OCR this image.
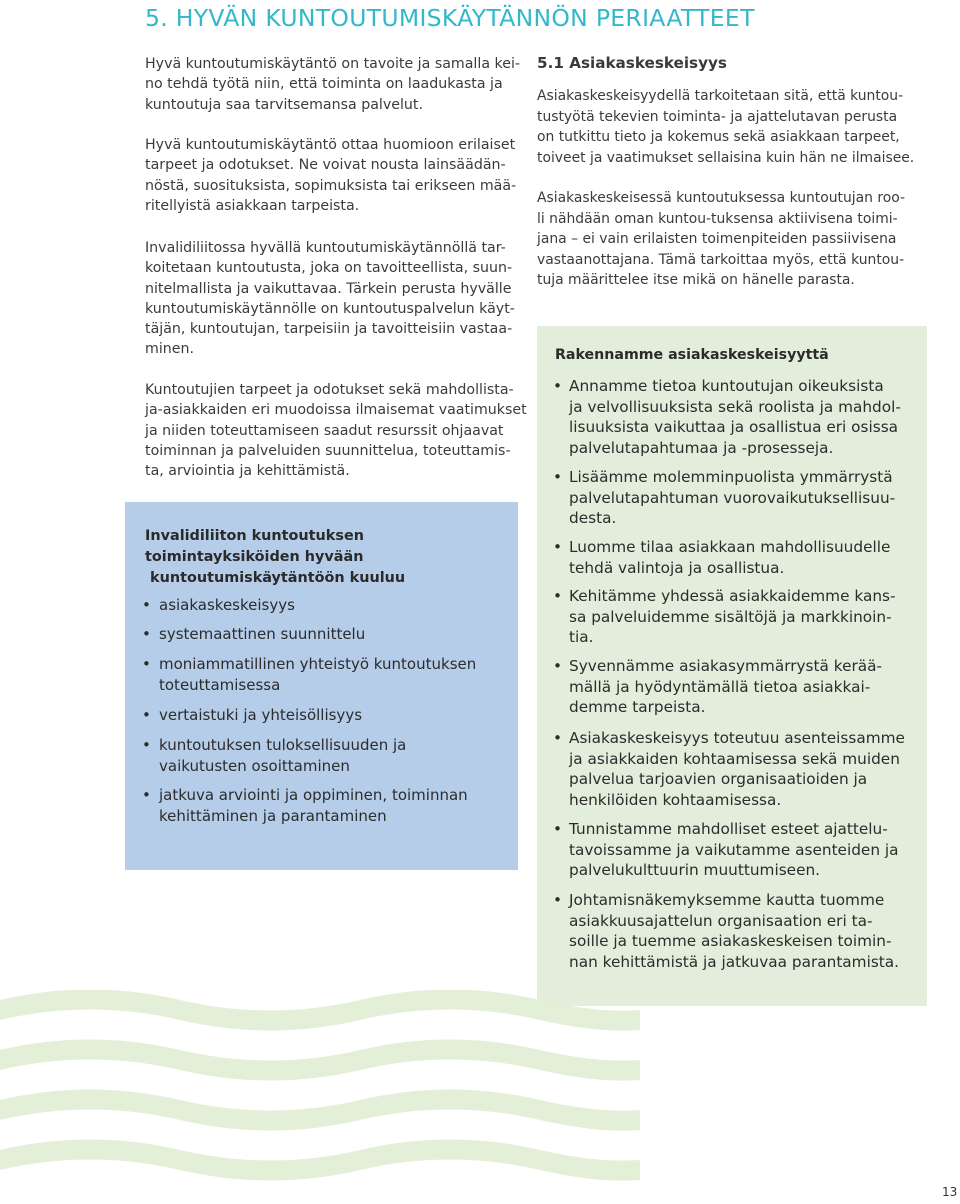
5. HYVÄN KUNTOUTUMISKÄYTÄNNÖN PERIAATTEET
Hyvä kuntoutumiskäytäntö on tavoite ja samalla kei-
no tehdä työtä niin, että toiminta on laadukasta ja
kuntoutuja saa tarvitsemansa palvelut.
Hyvä kuntoutumiskäytäntö ottaa huomioon erilaiset
tarpeet ja odotukset. Ne voivat nousta lainsäädän-
nöstä, suosituksista, sopimuksista tai erikseen mää-
ritellyistä asiakkaan tarpeista.
Invalidiliitossa hyvällä kuntoutumiskäytännöllä tar-
koitetaan kuntoutusta, joka on tavoitteellista, suun-
nitelmallista ja vaikuttavaa. Tärkein perusta hyvälle
kuntoutumiskäytännölle on kuntoutuspalvelun käyt-
täjän, kuntoutujan, tarpeisiin ja tavoitteisiin vastaa-
minen.
Kuntoutujien tarpeet ja odotukset sekä mahdollista-
ja-asiakkaiden eri muodoissa ilmaisemat vaatimukset
ja niiden toteuttamiseen saadut resurssit ohjaavat
toiminnan ja palveluiden suunnittelua, toteuttamis-
ta, arviointia ja kehittämistä.
Invalidiliiton kuntoutuksen
toimintayksiköiden hyvään
kuntoutumiskäytäntöön kuuluu
• asiakaskeskeisyys
• systemaattinen suunnittelu
• moniammatillinen yhteistyö kuntoutuksen
toteuttamisessa
• vertaistuki ja yhteisöllisyys
• kuntoutuksen tuloksellisuuden ja
vaikutusten osoittaminen
• jatkuva arviointi ja oppiminen, toiminnan
kehittäminen ja parantaminen
5.1 Asiakaskeskeisyys
Asiakaskeskeisyydellä tarkoitetaan sitä, että kuntou-
tustyötä tekevien toiminta- ja ajattelutavan perusta
on tutkittu tieto ja kokemus sekä asiakkaan tarpeet,
toiveet ja vaatimukset sellaisina kuin hän ne ilmaisee.
Asiakaskeskeisessä kuntoutuksessa kuntoutujan roo-
li nähdään oman kuntou-tuksensa aktiivisena toimi-
jana – ei vain erilaisten toimenpiteiden passiivisena
vastaanottajana. Tämä tarkoittaa myös, että kuntou-
tuja määrittelee itse mikä on hänelle parasta.
Rakennamme asiakaskeskeisyyttä
• Annamme tietoa kuntoutujan oikeuksista
ja velvollisuuksista sekä roolista ja mahdol-
lisuuksista vaikuttaa ja osallistua eri osissa
palvelutapahtumaa ja -prosesseja.
• Lisäämme molemminpuolista ymmärrystä
palvelutapahtuman vuorovaikutuksellisuu-
desta.
• Luomme tilaa asiakkaan mahdollisuudelle
tehdä valintoja ja osallistua.
• Kehitämme yhdessä asiakkaidemme kans-
sa palveluidemme sisältöjä ja markkinoin-
tia.
• Syvennämme asiakasymmärrystä kerää-
mällä ja hyödyntämällä tietoa asiakkai-
demme tarpeista.
• Asiakaskeskeisyys toteutuu asenteissamme
ja asiakkaiden kohtaamisessa sekä muiden
palvelua tarjoavien organisaatioiden ja
henkilöiden kohtaamisessa.
• Tunnistamme mahdolliset esteet ajattelu-
tavoissamme ja vaikutamme asenteiden ja
palvelukulttuurin muuttumiseen.
• Johtamisnäkemyksemme kautta tuomme
asiakkuusajattelun organisaation eri ta-
soille ja tuemme asiakaskeskeisen toimin-
nan kehittämistä ja jatkuvaa parantamista.
13
